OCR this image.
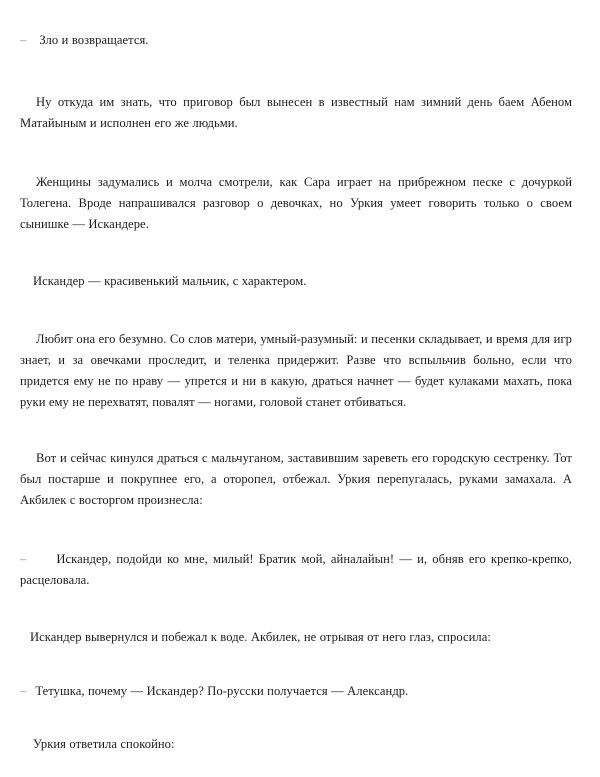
– Зло и возвращается.

Ну откуда им знать, что приговор был вынесен в известный нам зимний день баем Абеном Матайыным и исполнен его же людьми.

Женщины задумались и молча смотрели, как Сара играет на прибрежном песке с дочуркой Толегена. Вроде напрашивался разговор о девочках, но Уркия умеет говорить только о своем сынишке — Искандере.

Искандер — красивенький мальчик, с характером.

Любит она его безумно. Со слов матери, умный-разумный: и песенки складывает, и время для игр знает, и за овечками проследит, и теленка придержит. Разве что вспыльчив больно, если что придется ему не по нраву — упрется и ни в какую, драться начнет — будет кулаками махать, пока руки ему не перехватят, повалят — ногами, головой станет отбиваться.

Вот и сейчас кинулся драться с мальчуганом, заставившим зареветь его городскую сестренку. Тот был постарше и покрупнее его, а оторопел, отбежал. Уркия перепугалась, руками замахала. А Акбилек с восторгом произнесла:

– Искандер, подойди ко мне, милый! Братик мой, айналайын! — и, обняв его крепко-крепко, расцеловала.

Искандер вывернулся и побежал к воде. Акбилек, не отрывая от него глаз, спросила:

– Тетушка, почему — Искандер? По-русски получается — Александр.

Уркия ответила спокойно:
